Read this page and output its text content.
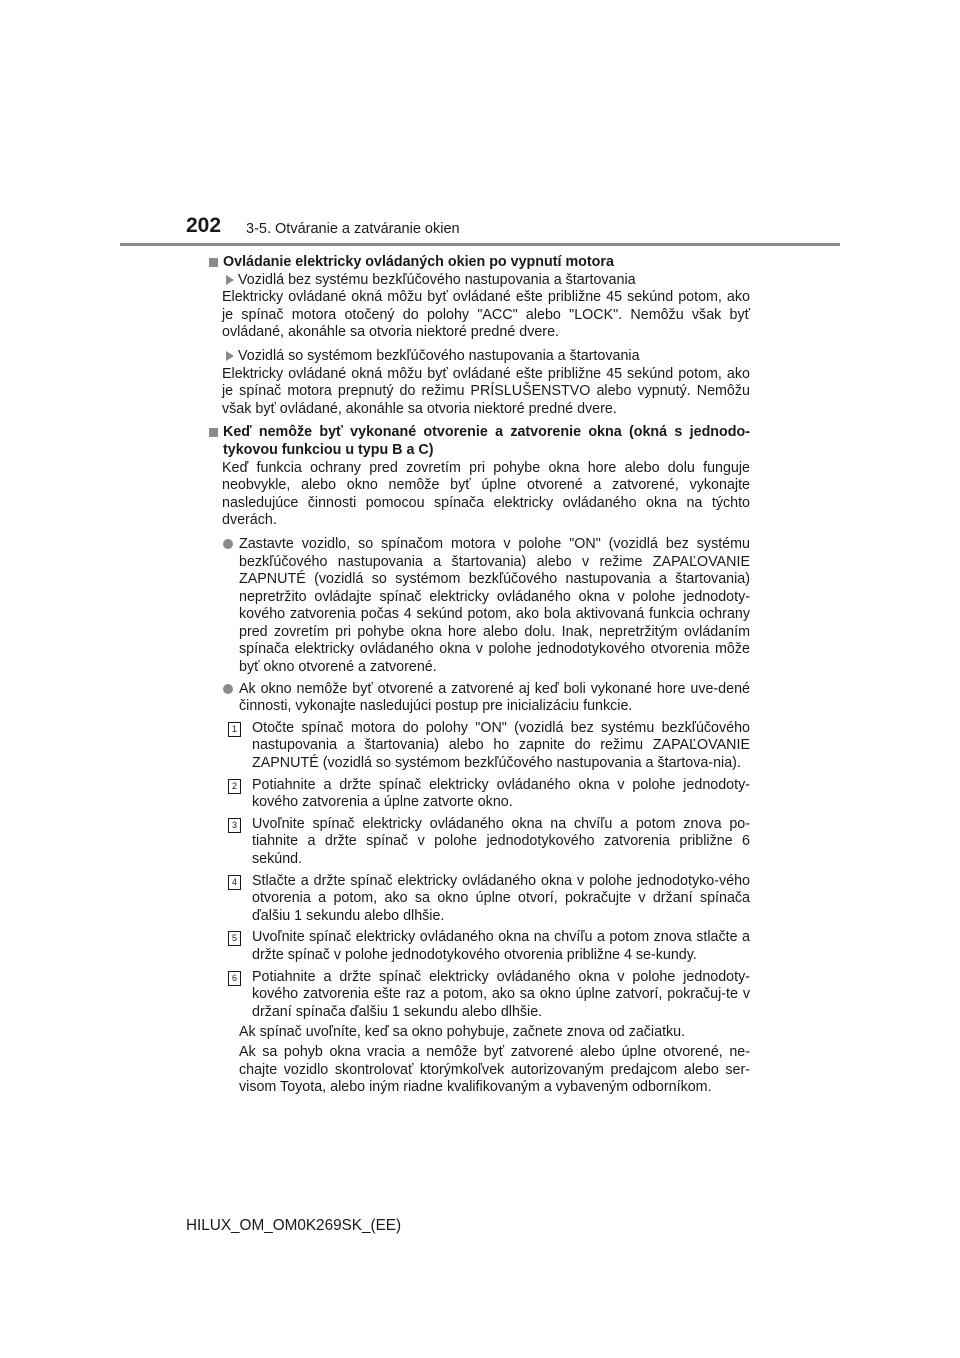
202 3-5. Otváranie a zatváranie okien
Ovládanie elektricky ovládaných okien po vypnutí motora
Vozidlá bez systému bezkľúčového nastupovania a štartovania
Elektricky ovládané okná môžu byť ovládané ešte približne 45 sekúnd potom, ako je spínač motora otočený do polohy "ACC" alebo "LOCK". Nemôžu však byť ovládané, akonáhle sa otvoria niektoré predné dvere.
Vozidlá so systémom bezkľúčového nastupovania a štartovania
Elektricky ovládané okná môžu byť ovládané ešte približne 45 sekúnd potom, ako je spínač motora prepnutý do režimu PRÍSLUŠENSTVO alebo vypnutý. Nemôžu však byť ovládané, akonáhle sa otvoria niektoré predné dvere.
Keď nemôže byť vykonané otvorenie a zatvorenie okna (okná s jednodo-tykovou funkciou u typu B a C)
Keď funkcia ochrany pred zovretím pri pohybe okna hore alebo dolu funguje neobvykle, alebo okno nemôže byť úplne otvorené a zatvorené, vykonajte nasledujúce činnosti pomocou spínača elektricky ovládaného okna na týchto dverách.
Zastavte vozidlo, so spínačom motora v polohe "ON" (vozidlá bez systému bezkľúčového nastupovania a štartovania) alebo v režime ZAPAĽOVANIE ZAPNUTÉ (vozidlá so systémom bezkľúčového nastupovania a štartovania) nepretržito ovládajte spínač elektricky ovládaného okna v polohe jednodoty-kového zatvorenia počas 4 sekúnd potom, ako bola aktivovaná funkcia ochrany pred zovretím pri pohybe okna hore alebo dolu. Inak, nepretržitým ovládaním spínača elektricky ovládaného okna v polohe jednodotykového otvorenia môže byť okno otvorené a zatvorené.
Ak okno nemôže byť otvorené a zatvorené aj keď boli vykonané hore uve-dené činnosti, vykonajte nasledujúci postup pre inicializáciu funkcie.
1 Otočte spínač motora do polohy "ON" (vozidlá bez systému bezkľúčového nastupovania a štartovania) alebo ho zapnite do režimu ZAPAĽOVANIE ZAPNUTÉ (vozidlá so systémom bezkľúčového nastupovania a štartova-nia).
2 Potiahnite a držte spínač elektricky ovládaného okna v polohe jednodoty-kového zatvorenia a úplne zatvorte okno.
3 Uvoľnite spínač elektricky ovládaného okna na chvíľu a potom znova po-tiahnite a držte spínač v polohe jednodotykového zatvorenia približne 6 sekúnd.
4 Stlačte a držte spínač elektricky ovládaného okna v polohe jednodotyko-vého otvorenia a potom, ako sa okno úplne otvorí, pokračujte v držaní spínača ďalšiu 1 sekundu alebo dlhšie.
5 Uvoľnite spínač elektricky ovládaného okna na chvíľu a potom znova stlačte a držte spínač v polohe jednodotykového otvorenia približne 4 se-kundy.
6 Potiahnite a držte spínač elektricky ovládaného okna v polohe jednodoty-kového zatvorenia ešte raz a potom, ako sa okno úplne zatvorí, pokračuj-te v držaní spínača ďalšiu 1 sekundu alebo dlhšie.
Ak spínač uvoľníte, keď sa okno pohybuje, začnete znova od začiatku.
Ak sa pohyb okna vracia a nemôže byť zatvorené alebo úplne otvorené, ne-chajte vozidlo skontrolovať ktorýmkoľvek autorizovaným predajcom alebo ser-visom Toyota, alebo iným riadne kvalifikovaným a vybaveným odborníkom.
HILUX_OM_OM0K269SK_(EE)
